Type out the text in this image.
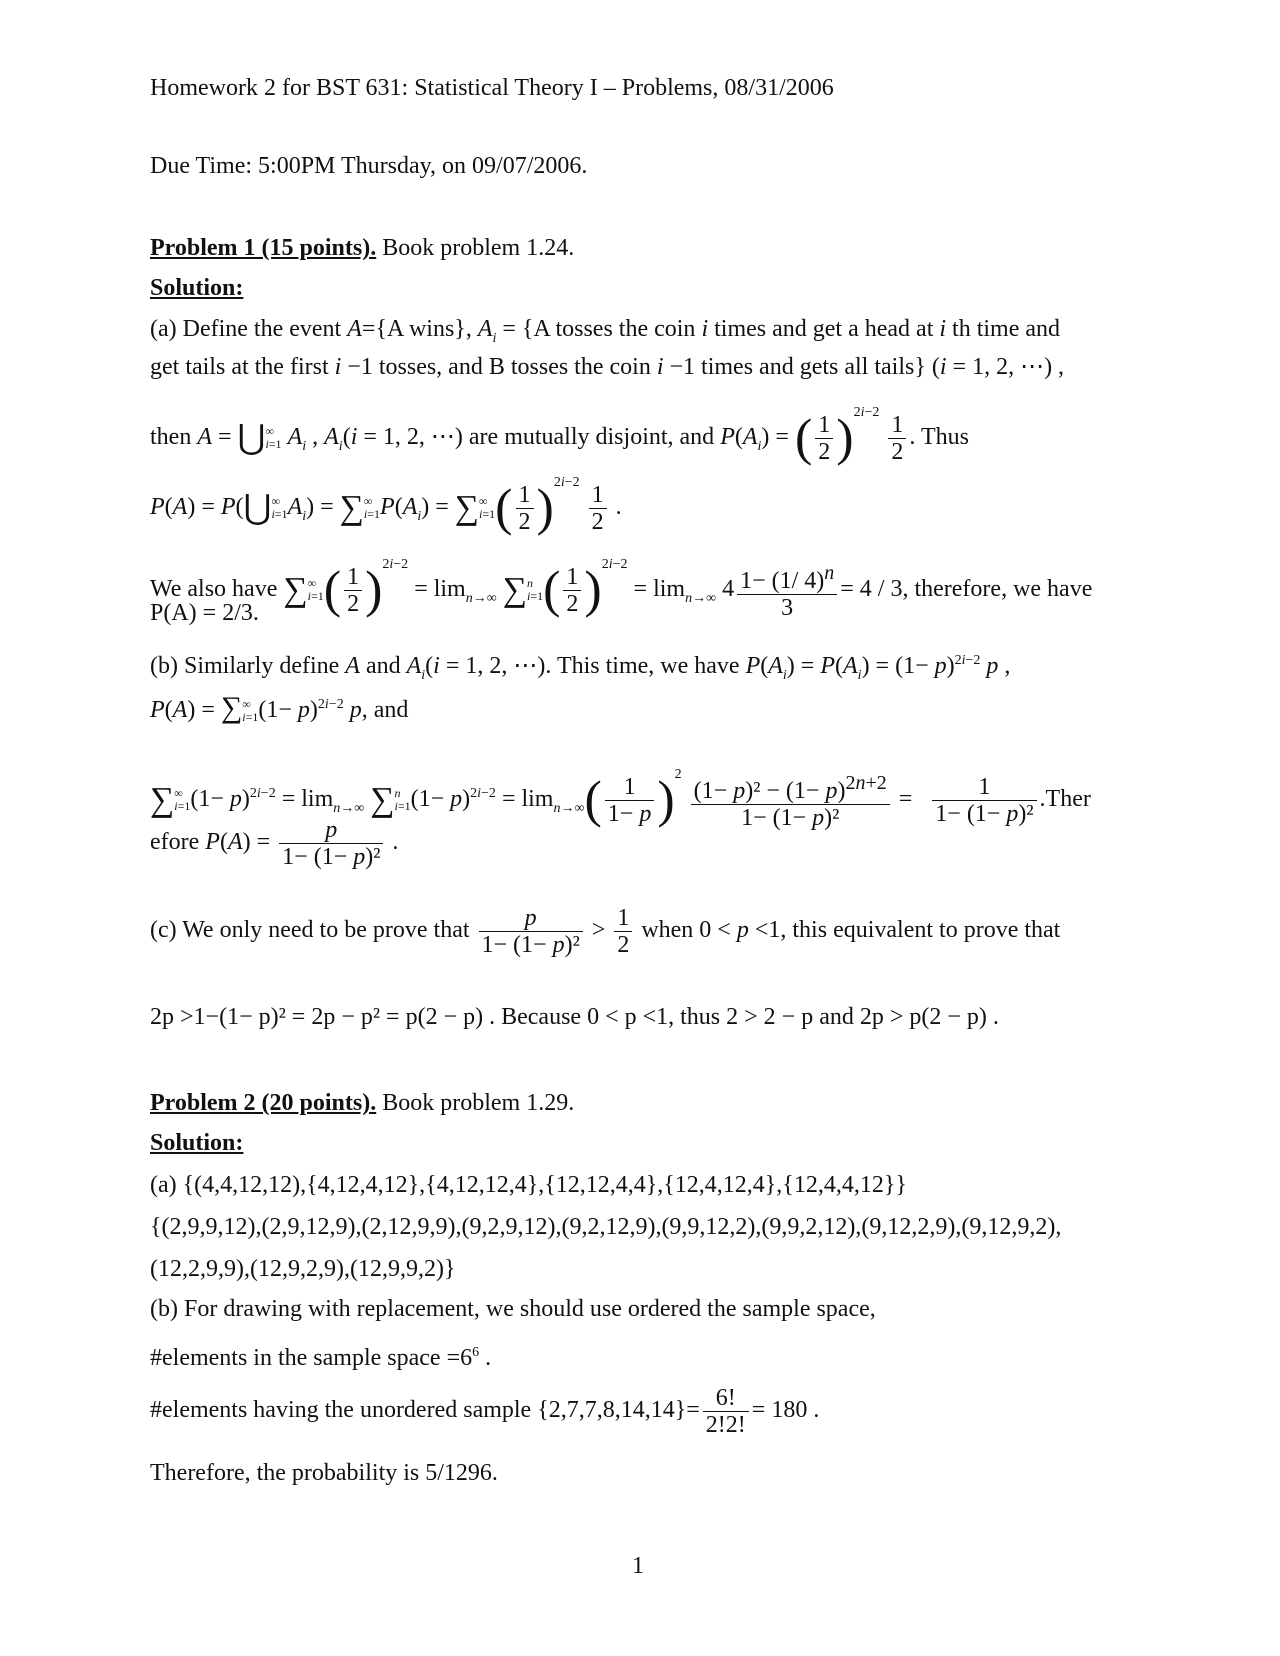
Homework 2 for BST 631: Statistical Theory I – Problems, 08/31/2006
Due Time: 5:00PM Thursday, on 09/07/2006.
Problem 1 (15 points). Book problem 1.24.
Solution:
(a) Define the event A={A wins}, $A_i = \{A$ tosses the coin i times and get a head at i th time and
get tails at the first i −1 tosses, and B tosses the coin i −1 times and gets all tails} (i = 1, 2, ⋯) ,
then A = ⋃∞
i=1 $A_i$ , $A_i(i = 1$, 2, ⋯) are mutually disjoint, and $P(A_i)$ = ( $\frac{1}{2} )^{2i-2} \frac{1}{2}$ . Thus
P(A) = P(⋃∞
$i=1A_i$) = ∑∞
$i=1P(A_i)$ = ∑∞
$i=1( \frac{1}{2} )^{2i-2} \frac{1}{2}$ .
We also have ∑∞
$i=1( \frac{1}{2} )^{2i-2} = \lim_{n\to\infty} \sum n$
$i=1( \frac{1}{2} )^{2i-2} = \lim_{n\to\infty} 4 \frac{1- (1/ 4)^n}{3} = 4 / 3$, therefore, we have
P(A) = 2/3.
(b) Similarly define A and $A_i(i = 1$, 2, ⋯). This time, we have $P(A_i) = P(A_i) = (1- p)^{2i-2}$ p ,
P(A) = ∑∞
$i=1(1- p)^{2i-2}$ p, and
∑∞
$i=1(1- p)^{2i-2} = \lim_{n\to\infty} \sum n$
$i=1(1- p)^{2i-2} = \lim_{n\to\infty}( \frac{1}{1- p} )^2 \frac{(1- p)^2 - (1- p)^{2n+2}}{\text{1− (1− p)²}} = \frac{1}{\text{1− (1− p)²}}$ .Ther
efore $P(A) = \frac{p}{\text{1− (1− p)²}}$ .
(c) We only need to be prove that $\frac{p}{\text{1− (1− p)²}} > \frac{1}{2}$ when 0 < p <1, this equivalent to prove that
2p >1−(1− p)² = 2p − p² = p(2 − p) . Because 0 < p <1, thus 2 > 2 − p and 2p > p(2 − p) .
Problem 2 (20 points). Book problem 1.29.
Solution:
(a) {(4,4,12,12),{4,12,4,12},{4,12,12,4},{12,12,4,4},{12,4,12,4},{12,4,4,12}}
{(2,9,9,12),(2,9,12,9),(2,12,9,9),(9,2,9,12),(9,2,12,9),(9,9,12,2),(9,9,2,12),(9,12,2,9),(9,12,9,2),
(12,2,9,9),(12,9,2,9),(12,9,9,2)}
(b) For drawing with replacement, we should use ordered the sample space,
#elements in the sample space $=6^6$ .
#elements having the unordered sample $\{2,7,7,8,14,14\}= \frac{6!}{2!2!} = 180$ .
Therefore, the probability is 5/1296.
1
